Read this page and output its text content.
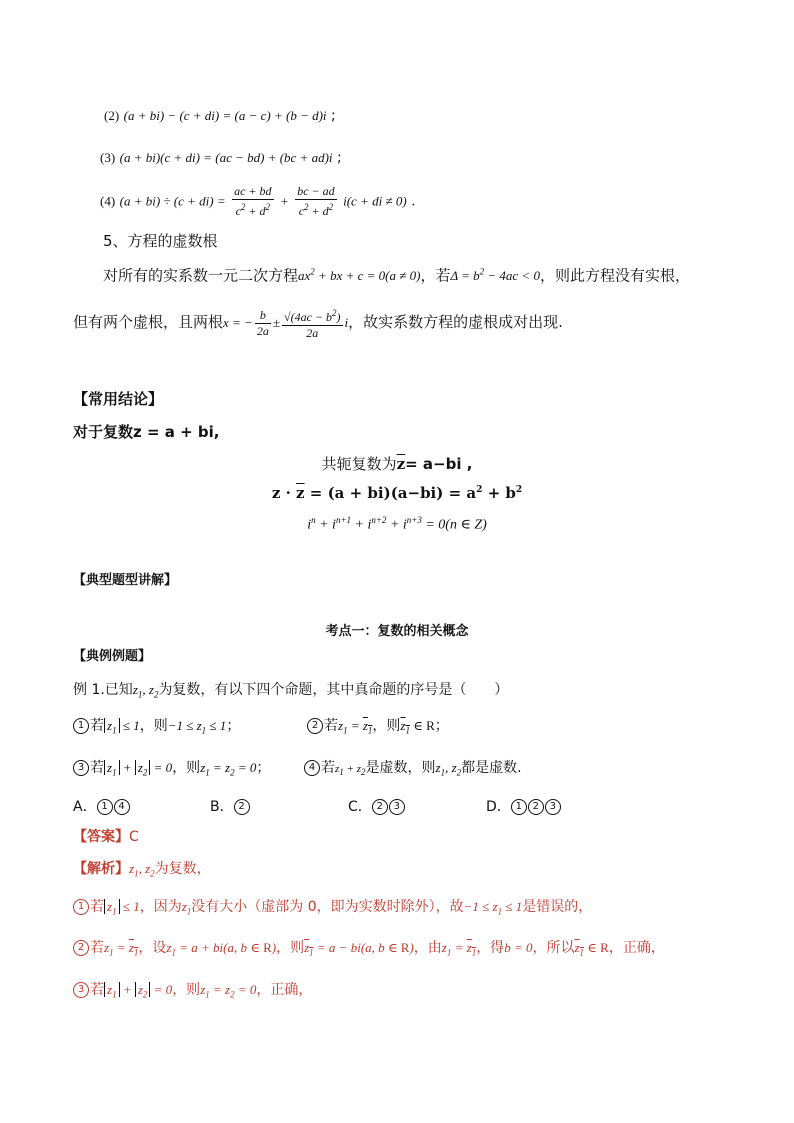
(2) (a + bi) − (c + di) = (a − c) + (b − d)i ;
(3) (a + bi)(c + di) = (ac − bd) + (bc + ad)i ;
(4) $(a + bi) \div (c + di) = \frac{ac + bd}{c^2 + d^2} + \frac{bc - ad}{c^2 + d^2} i(c$ + di ≠ 0) .
5、方程的虚数根
对所有的实系数一元二次方程$ax^2$ + bx + c = 0(a ≠ 0)，若$\Delta = b^2 - 4ac < 0$，则此方程没有实根，
但有两个虚根，且两根x = − $\frac{b}{2a} \pm \frac{√(4ac - b^2)}{2a}$ i，故实系数方程的虚根成对出现.
【常用结论】
对于复数z = a + bi,
共轭复数为$\overline{z}= a-bi$ ,
$z \cdot \overline{z} = (a + bi)(a-bi) = a^2 + b^2$
$i^n + i^{n+1} + i^{n+2} + i^{n+3} = 0(n$ ∈ Z)
【典型题型讲解】
考点一：复数的相关概念
【典例例题】
例 1.已知$z_1$, $z_2$为复数，有以下四个命题，其中真命题的序号是（　　）
1 若 $z_1 \le 1$，则$-1 \le z_1 \le 1$；	2 若$z_1 = z_1$，则$z_1$ ∈ R；
3 若 $z_1 + z_2 = 0$，则$z_1 = z_2 = 0$；	4 若$z_1 + z_2$是虚数，则$z_1$, $z_2$都是虚数.
A． 1 4	B． 2	C． 2 3	D． 1 2 3
【答案】C
【解析】$z_1$, $z_2$为复数，
1 若 $z_1 \le 1$，因为$z_1$没有大小（虚部为 0，即为实数时除外），故$-1 \le z_1 \le 1$是错误的，
2 若$z_1 = z_1$，设$z_1 = a + bi(a$, b ∈ R)，则$z_1 = a - bi(a$, b ∈ R)，由$z_1 = z_1$，得b = 0，所以$z_1$ ∈ R，正确，
3 若 $z_1 + z_2 = 0$，则$z_1 = z_2 = 0$，正确，
